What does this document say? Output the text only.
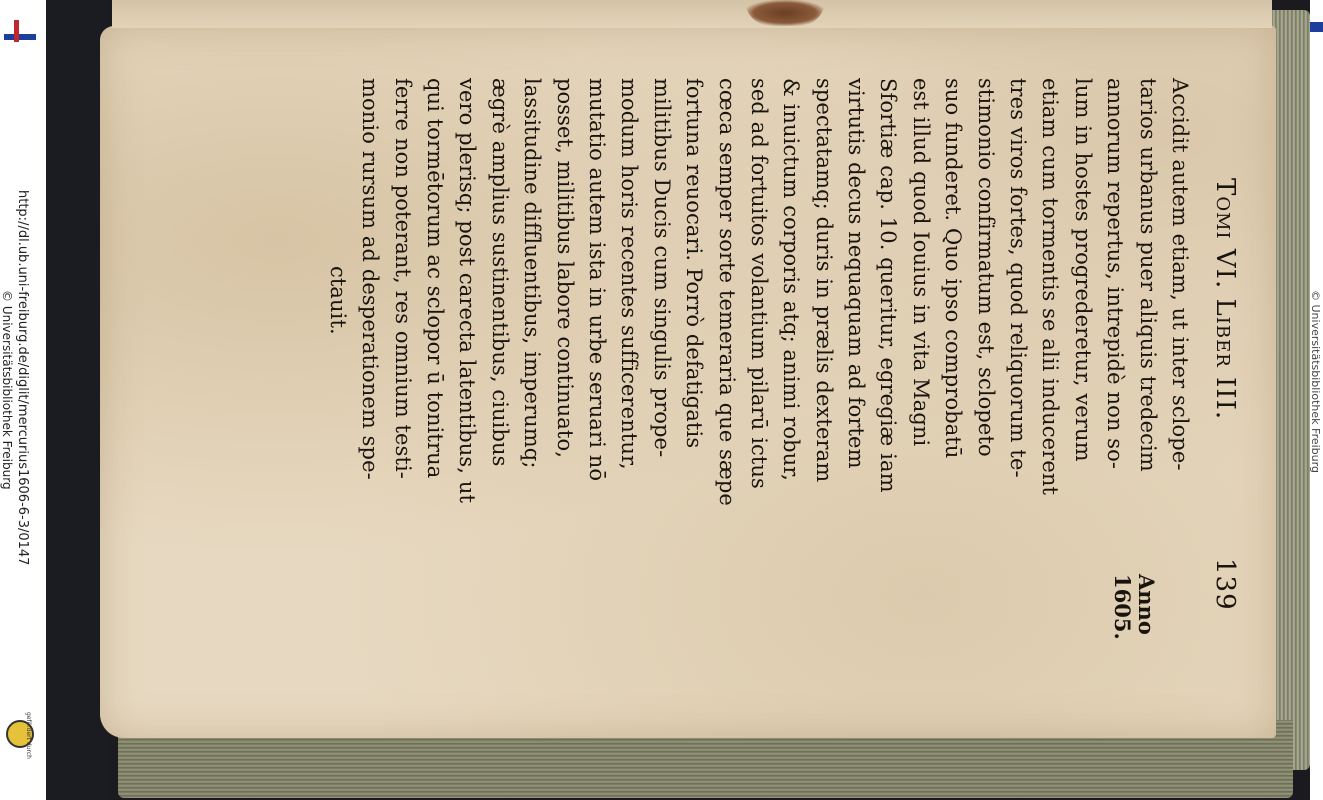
http://dl.ub.uni-freiburg.de/diglit/mercurius1606-6-3/0147
© Universitätsbibliothek Freiburg
gefördert durch
© Universitätsbibliothek Freiburg
Tomi VI. Liber III.
139
Accidit autem etiam, ut inter sclope-
tarios urbanus puer aliquis tredecim
annorum repertus, intrepidè non so-
lum in hostes progrederetur, verum
etiam cum tormentis se alii inducerent
tres viros fortes, quod reliquorum te-
stimonio confirmatum est, sclopeto
suo funderet. Quo ipso comprobatū
est illud quod Iouius in vita Magni
Sfortiæ cap. 10. queritur, egregiæ iam
virtutis decus nequaquam ad fortem
spectatamq; duris in prælis dexteram
& inuictum corporis atq; animi robur,
sed ad fortuitos volantium pilarū ictus
cœca semper sorte temeraria que sæpe
fortuna reuocari. Porrò defatigatis
militibus Ducis cum singulis prope-
modum horis recentes sufficerentur,
mutatio autem ista in urbe seruari nō
posset, militibus labore continuato,
lassitudine diffluentibus, imperumq;
ægrè amplius sustinentibus, ciuibus
vero plerisq; post carecta latentibus, ut
qui tormētorum ac sclopor ū tonitrua
ferre non poterant, res omnium testi-
monio rursum ad desperationem spe-
ctauit.
Anno
1605.
